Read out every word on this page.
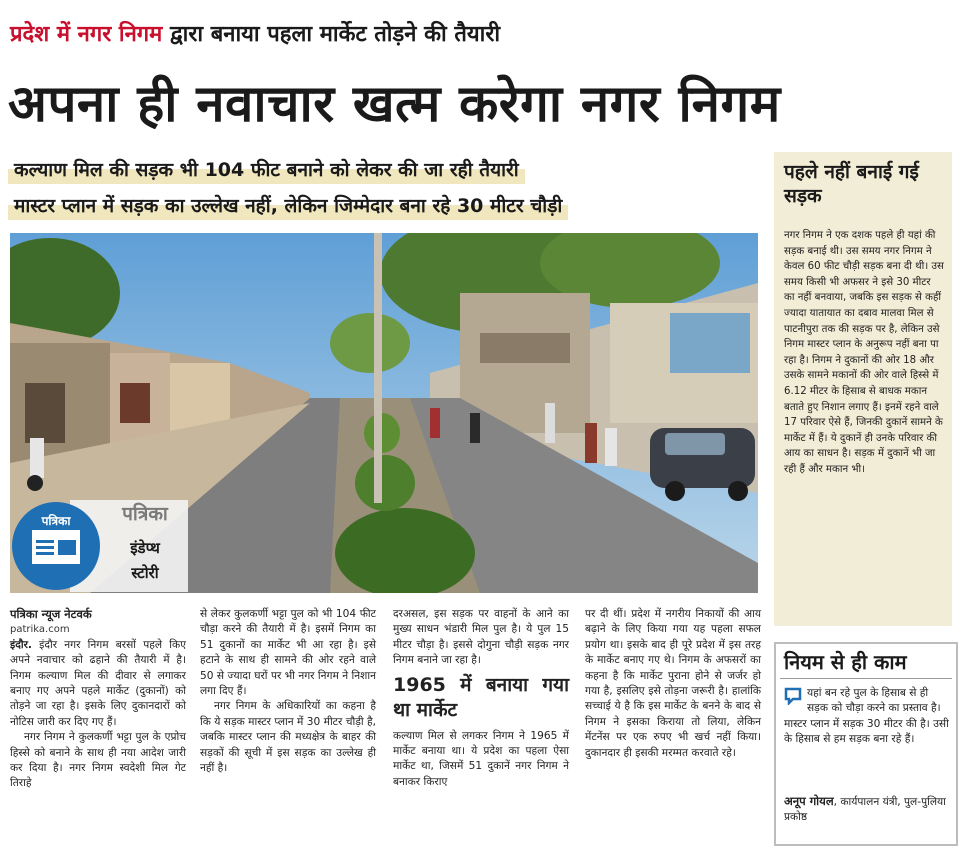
प्रदेश में नगर निगम द्वारा बनाया पहला मार्केट तोड़ने की तैयारी
अपना ही नवाचार खत्म करेगा नगर निगम
कल्याण मिल की सड़क भी 104 फीट बनाने को लेकर की जा रही तैयारी
मास्टर प्लान में सड़क का उल्लेख नहीं, लेकिन जिम्मेदार बना रहे 30 मीटर चौड़ी
पत्रिका	पत्रिका
इंडेप्थ
स्टोरी
पहले नहीं बनाई गई सड़क
नगर निगम ने एक दशक पहले ही यहां की सड़क बनाई थी। उस समय नगर निगम ने केवल 60 फीट चौड़ी सड़क बना दी थी। उस समय किसी भी अफसर ने इसे 30 मीटर का नहीं बनवाया, जबकि इस सड़क से कहीं ज्यादा यातायात का दबाव मालवा मिल से पाटनीपुरा तक की सड़क पर है, लेकिन उसे निगम मास्टर प्लान के अनुरूप नहीं बना पा रहा है। निगम ने दुकानों की ओर 18 और उसके सामने मकानों की ओर वाले हिस्से में 6.12 मीटर के हिसाब से बाधक मकान बताते हुए निशान लगाए हैं। इनमें रहने वाले 17 परिवार ऐसे हैं, जिनकी दुकानें सामने के मार्केट में हैं। ये दुकानें ही उनके परिवार की आय का साधन है। सड़क में दुकानें भी जा रही हैं और मकान भी।

पत्रिका न्यूज नेटवर्क

patrika.com

इंदौर. इंदौर नगर निगम बरसों पहले किए अपने नवाचार को ढहाने की तैयारी में है। निगम कल्याण मिल की दीवार से लगाकर बनाए गए अपने पहले मार्केट (दुकानों) को तोड़ने जा रहा है। इसके लिए दुकानदारों को नोटिस जारी कर दिए गए हैं।

नगर निगम ने कुलकर्णी भट्टा पुल के एप्रोच हिस्से को बनाने के साथ ही नया आदेश जारी कर दिया है। नगर निगम स्वदेशी मिल गेट तिराहे

से लेकर कुलकर्णी भट्टा पुल को भी 104 फीट चौड़ा करने की तैयारी में है। इसमें निगम का 51 दुकानों का मार्केट भी आ रहा है। इसे हटाने के साथ ही सामने की ओर रहने वाले 50 से ज्यादा घरों पर भी नगर निगम ने निशान लगा दिए हैं।

नगर निगम के अधिकारियों का कहना है कि ये सड़क मास्टर प्लान में 30 मीटर चौड़ी है, जबकि मास्टर प्लान की मध्यक्षेत्र के बाहर की सड़कों की सूची में इस सड़क का उल्लेख ही नहीं है।

दरअसल, इस सड़क पर वाहनों के आने का मुख्य साधन भंडारी मिल पुल है। ये पुल 15 मीटर चौड़ा है। इससे दोगुना चौड़ी सड़क नगर निगम बनाने जा रहा है।

1965 में बनाया गया था मार्केट

कल्याण मिल से लगकर निगम ने 1965 में मार्केट बनाया था। ये प्रदेश का पहला ऐसा मार्केट था, जिसमें 51 दुकानें नगर निगम ने बनाकर किराए

पर दी थीं। प्रदेश में नगरीय निकायों की आय बढ़ाने के लिए किया गया यह पहला सफल प्रयोग था। इसके बाद ही पूरे प्रदेश में इस तरह के मार्केट बनाए गए थे। निगम के अफसरों का कहना है कि मार्केट पुराना होने से जर्जर हो गया है, इसलिए इसे तोड़ना जरूरी है। हालांकि सच्चाई ये है कि इस मार्केट के बनने के बाद से निगम ने इसका किराया तो लिया, लेकिन मेंटनेंस पर एक रुपए भी खर्च नहीं किया। दुकानदार ही इसकी मरम्मत करवाते रहे।

नियम से ही काम
यहां बन रहे पुल के हिसाब से ही सड़क को चौड़ा करने का प्रस्ताव है। मास्टर प्लान में सड़क 30 मीटर की है। उसी के हिसाब से हम सड़क बना रहे हैं।
अनूप गोयल, कार्यपालन यंत्री, पुल-पुलिया प्रकोष्ठ
